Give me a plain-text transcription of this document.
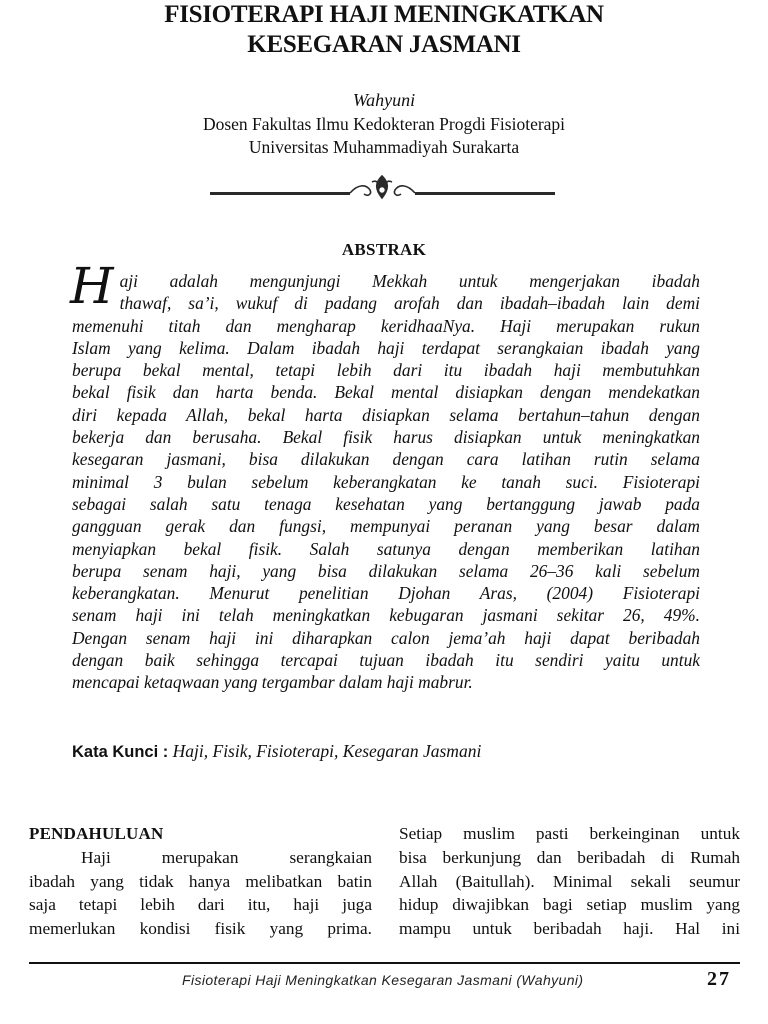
FISIOTERAPI HAJI MENINGKATKAN
KESEGARAN JASMANI
Wahyuni
Dosen Fakultas Ilmu Kedokteran Progdi Fisioterapi
Universitas Muhammadiyah Surakarta
ABSTRAK
H aji adalah mengunjungi Mekkah untuk mengerjakan ibadah
thawaf, sa’i, wukuf di padang arofah dan ibadah–ibadah lain demi
memenuhi titah dan mengharap keridhaaNya. Haji merupakan rukun
Islam yang kelima. Dalam ibadah haji terdapat serangkaian ibadah yang
berupa bekal mental, tetapi lebih dari itu ibadah haji membutuhkan
bekal fisik dan harta benda. Bekal mental disiapkan dengan mendekatkan
diri kepada Allah, bekal harta disiapkan selama bertahun–tahun dengan
bekerja dan berusaha. Bekal fisik harus disiapkan untuk meningkatkan
kesegaran jasmani, bisa dilakukan dengan cara latihan rutin selama
minimal 3 bulan sebelum keberangkatan ke tanah suci. Fisioterapi
sebagai salah satu tenaga kesehatan yang bertanggung jawab pada
gangguan gerak dan fungsi, mempunyai peranan yang besar dalam
menyiapkan bekal fisik. Salah satunya dengan memberikan latihan
berupa senam haji, yang bisa dilakukan selama 26–36 kali sebelum
keberangkatan. Menurut penelitian Djohan Aras, (2004) Fisioterapi
senam haji ini telah meningkatkan kebugaran jasmani sekitar 26, 49%.
Dengan senam haji ini diharapkan calon jema’ah haji dapat beribadah
dengan baik sehingga tercapai tujuan ibadah itu sendiri yaitu untuk
mencapai ketaqwaan yang tergambar dalam haji mabrur.
Kata Kunci : Haji, Fisik, Fisioterapi, Kesegaran Jasmani
PENDAHULUAN
Haji merupakan serangkaian
ibadah yang tidak hanya melibatkan batin
saja tetapi lebih dari itu, haji juga
memerlukan kondisi fisik yang prima.
Setiap muslim pasti berkeinginan untuk
bisa berkunjung dan beribadah di Rumah
Allah (Baitullah). Minimal sekali seumur
hidup diwajibkan bagi setiap muslim yang
mampu untuk beribadah haji. Hal ini
Fisioterapi Haji Meningkatkan Kesegaran Jasmani (Wahyuni)	27
